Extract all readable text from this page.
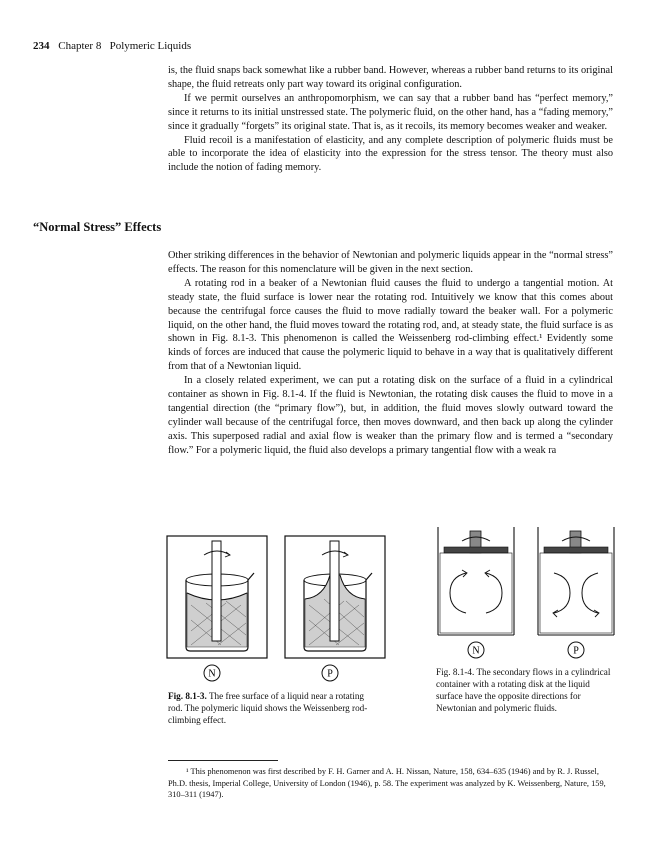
234 Chapter 8   Polymeric Liquids

is, the fluid snaps back somewhat like a rubber band. However, whereas a rubber band returns to its original shape, the fluid retreats only part way toward its original configuration.

If we permit ourselves an anthropomorphism, we can say that a rubber band has “perfect memory,” since it returns to its initial unstressed state. The polymeric fluid, on the other hand, has a “fading memory,” since it gradually “forgets” its original state. That is, as it recoils, its memory becomes weaker and weaker.

Fluid recoil is a manifestation of elasticity, and any complete description of polymeric fluids must be able to incorporate the idea of elasticity into the expression for the stress tensor. The theory must also include the notion of fading memory.

“Normal Stress” Effects

Other striking differences in the behavior of Newtonian and polymeric liquids appear in the “normal stress” effects. The reason for this nomenclature will be given in the next section.

A rotating rod in a beaker of a Newtonian fluid causes the fluid to undergo a tangential motion. At steady state, the fluid surface is lower near the rotating rod. Intuitively we know that this comes about because the centrifugal force causes the fluid to move radially toward the beaker wall. For a polymeric liquid, on the other hand, the fluid moves toward the rotating rod, and, at steady state, the fluid surface is as shown in Fig. 8.1-3. This phenomenon is called the Weissenberg rod-climbing effect.¹ Evidently some kinds of forces are induced that cause the polymeric liquid to behave in a way that is qualitatively different from that of a Newtonian liquid.

In a closely related experiment, we can put a rotating disk on the surface of a fluid in a cylindrical container as shown in Fig. 8.1-4. If the fluid is Newtonian, the rotating disk causes the fluid to move in a tangential direction (the “primary flow”), but, in addition, the fluid moves slowly outward toward the cylinder wall because of the centrifugal force, then moves downward, and then back up along the cylinder axis. This superposed radial and axial flow is weaker than the primary flow and is termed a “secondary flow.” For a polymeric liquid, the fluid also develops a primary tangential flow with a weak ra

N	P
N	P
Fig. 8.1-3. The free surface of a liquid near a rotating rod. The polymeric liquid shows the Weissenberg rod-climbing effect.
Fig. 8.1-4. The secondary flows in a cylindrical container with a rotating disk at the liquid surface have the opposite directions for Newtonian and polymeric fluids.

¹ This phenomenon was first described by F. H. Garner and A. H. Nissan, Nature, 158, 634–635 (1946) and by R. J. Russel, Ph.D. thesis, Imperial College, University of London (1946), p. 58. The experiment was analyzed by K. Weissenberg, Nature, 159, 310–311 (1947).
